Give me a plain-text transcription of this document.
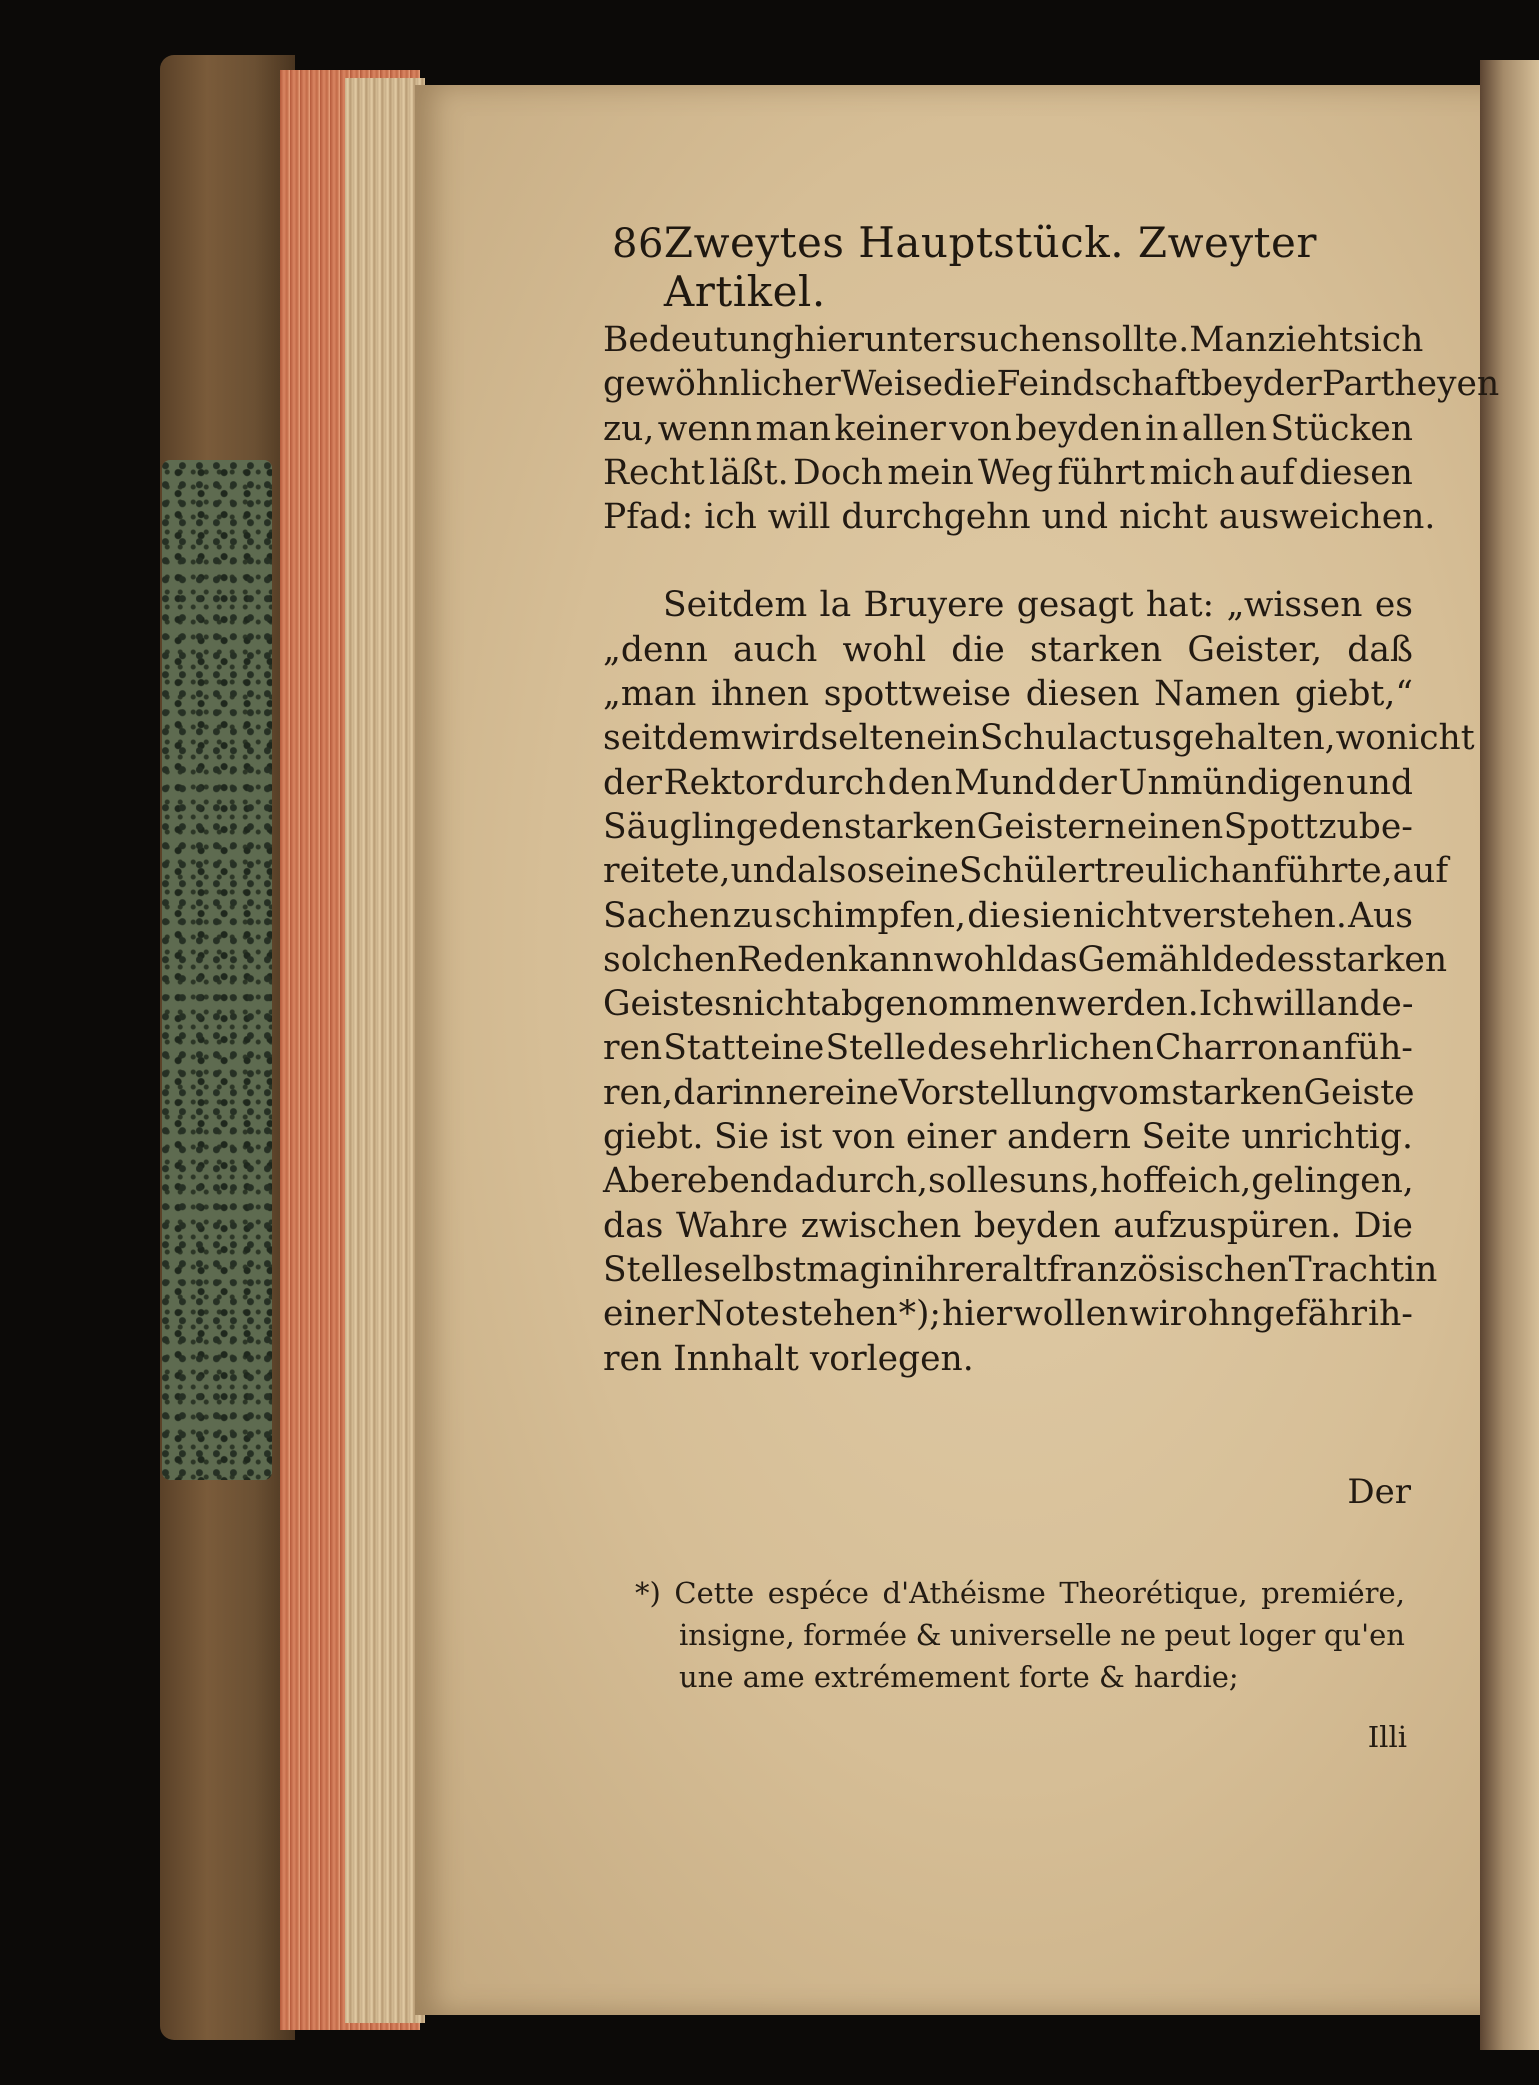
86 Zweytes Hauptstück. Zweyter Artikel.
Bedeutung hier untersuchen sollte. Man zieht sich
gewöhnlicher Weise die Feindschaft beyder Partheyen
zu, wenn man keiner von beyden in allen Stücken
Recht läßt. Doch mein Weg führt mich auf diesen
Pfad: ich will durchgehn und nicht ausweichen.
Seitdem la Bruyere gesagt hat: „wissen es
„denn auch wohl die starken Geister, daß
„man ihnen spottweise diesen Namen giebt,“
seitdem wird selten ein Schulactus gehalten, wo nicht
der Rektor durch den Mund der Unmündigen und
Säuglinge den starken Geistern einen Spott zube-
reitete, und also seine Schüler treulich anführte, auf
Sachen zu schimpfen, die sie nicht verstehen. Aus
solchen Reden kann wohl das Gemählde des starken
Geistes nicht abgenommen werden. Ich will an de-
ren Statt eine Stelle des ehrlichen Charron anfüh-
ren, darinn er eine Vorstellung vom starken Geiste
giebt. Sie ist von einer andern Seite unrichtig.
Aber eben dadurch, soll es uns, hoffe ich, gelingen,
das Wahre zwischen beyden aufzuspüren. Die
Stelle selbst mag in ihrer altfranzösischen Tracht in
einer Note stehen *); hier wollen wir ohngefähr ih-
ren Innhalt vorlegen.
Der
*) Cette espéce d'Athéisme Theorétique, premiére,
insigne, formée & universelle ne peut loger qu'en
une ame extrémement forte & hardie;
Illi
